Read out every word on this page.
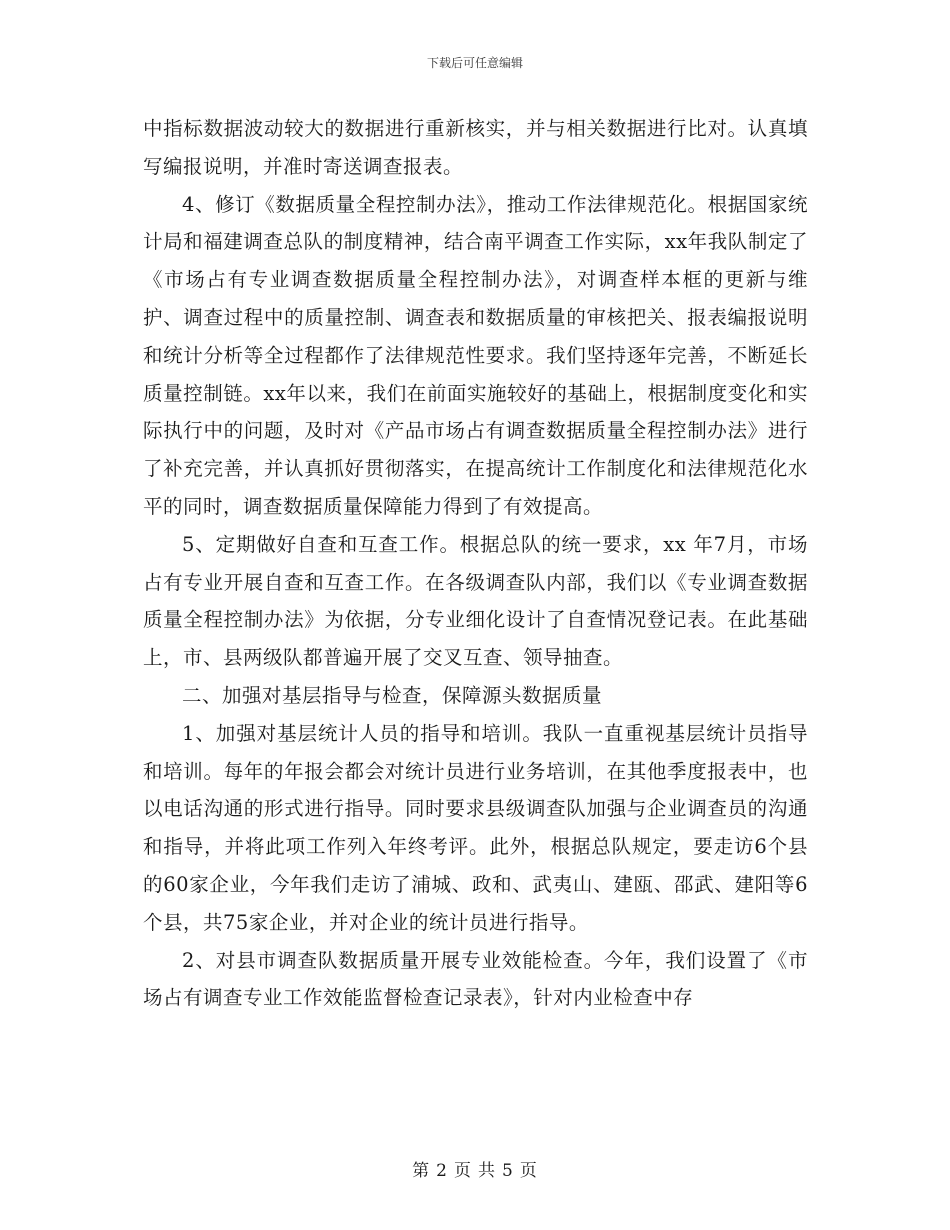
下载后可任意编辑

中指标数据波动较大的数据进行重新核实，并与相关数据进行比对。认真填写编报说明，并准时寄送调查报表。

4、修订《数据质量全程控制办法》，推动工作法律规范化。根据国家统计局和福建调查总队的制度精神，结合南平调查工作实际，xx年我队制定了《市场占有专业调查数据质量全程控制办法》，对调查样本框的更新与维护、调查过程中的质量控制、调查表和数据质量的审核把关、报表编报说明和统计分析等全过程都作了法律规范性要求。我们坚持逐年完善，不断延长质量控制链。xx年以来，我们在前面实施较好的基础上，根据制度变化和实际执行中的问题，及时对《产品市场占有调查数据质量全程控制办法》进行了补充完善，并认真抓好贯彻落实，在提高统计工作制度化和法律规范化水平的同时，调查数据质量保障能力得到了有效提高。

5、定期做好自查和互查工作。根据总队的统一要求，xx 年7月，市场占有专业开展自查和互查工作。在各级调查队内部，我们以《专业调查数据质量全程控制办法》为依据，分专业细化设计了自查情况登记表。在此基础上，市、县两级队都普遍开展了交叉互查、领导抽查。

二、加强对基层指导与检查，保障源头数据质量

1、加强对基层统计人员的指导和培训。我队一直重视基层统计员指导和培训。每年的年报会都会对统计员进行业务培训，在其他季度报表中，也以电话沟通的形式进行指导。同时要求县级调查队加强与企业调查员的沟通和指导，并将此项工作列入年终考评。此外，根据总队规定，要走访6个县的60家企业，今年我们走访了浦城、政和、武夷山、建瓯、邵武、建阳等6个县，共75家企业，并对企业的统计员进行指导。

2、对县市调查队数据质量开展专业效能检查。今年，我们设置了《市场占有调查专业工作效能监督检查记录表》，针对内业检查中存

第 2 页 共 5 页
